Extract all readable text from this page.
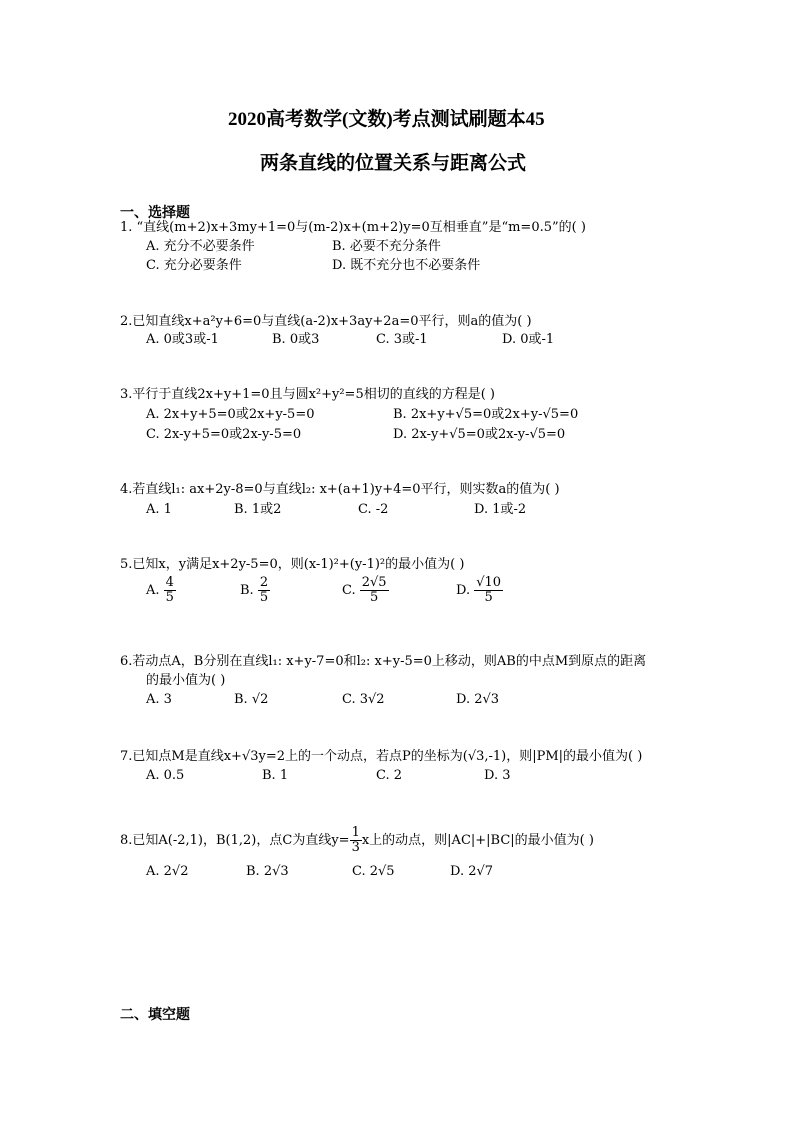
2020高考数学(文数)考点测试刷题本45
两条直线的位置关系与距离公式
一、选择题
1. “直线(m+2)x+3my+1=0与(m-2)x+(m+2)y=0互相垂直”是“m=0.5”的( )
A. 充分不必要条件	B. 必要不充分条件
C. 充分必要条件	D. 既不充分也不必要条件
2.已知直线x+a²y+6=0与直线(a-2)x+3ay+2a=0平行，则a的值为( )
A. 0或3或-1	B. 0或3	C. 3或-1	D. 0或-1
3.平行于直线2x+y+1=0且与圆x²+y²=5相切的直线的方程是( )
A. 2x+y+5=0或2x+y-5=0	B. 2x+y+√5=0或2x+y-√5=0
C. 2x-y+5=0或2x-y-5=0	D. 2x-y+√5=0或2x-y-√5=0
4.若直线l₁: ax+2y-8=0与直线l₂: x+(a+1)y+4=0平行，则实数a的值为( )
A. 1	B. 1或2	C. -2	D. 1或-2
5.已知x，y满足x+2y-5=0，则(x-1)²+(y-1)²的最小值为( )
A. $\frac{4}{5}$	B. $\frac{2}{5}$	C. $\frac{2√5}{5}$	D. $\frac{√10}{5}$
6.若动点A，B分别在直线l₁: x+y-7=0和l₂: x+y-5=0上移动，则AB的中点M到原点的距离
的最小值为( )
A. 3	B. √2	C. 3√2	D. 2√3
7.已知点M是直线x+√3y=2上的一个动点，若点P的坐标为(√3,-1)，则|PM|的最小值为( )
A. 0.5	B. 1	C. 2	D. 3
8.已知A(-2,1)，B(1,2)，点C为直线$y= \frac{1}{3}$ x上的动点，则|AC|+|BC|的最小值为( )
A. 2√2	B. 2√3	C. 2√5	D. 2√7
二、填空题
